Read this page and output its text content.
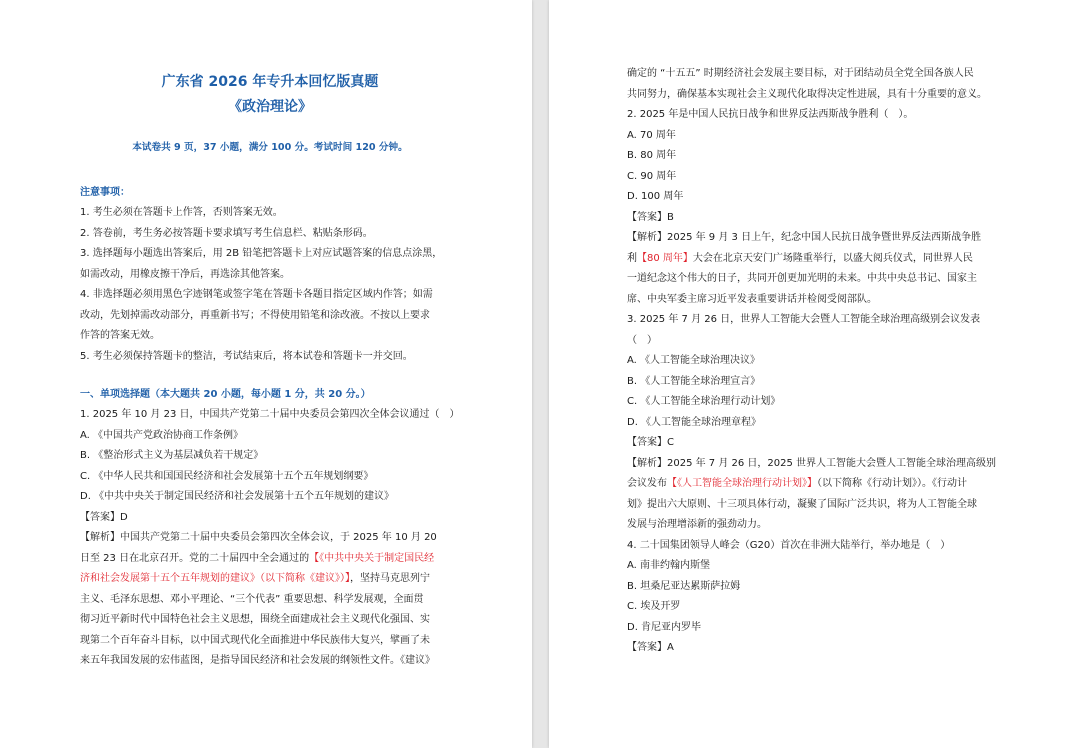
广东省 2026 年专升本回忆版真题
《政治理论》
本试卷共 9 页，37 小题，满分 100 分。考试时间 120 分钟。
注意事项：
1. 考生必须在答题卡上作答，否则答案无效。
2. 答卷前，考生务必按答题卡要求填写考生信息栏、粘贴条形码。
3. 选择题每小题选出答案后，用 2B 铅笔把答题卡上对应试题答案的信息点涂黑，
如需改动，用橡皮擦干净后，再选涂其他答案。
4. 非选择题必须用黑色字迹钢笔或签字笔在答题卡各题目指定区域内作答；如需
改动，先划掉需改动部分，再重新书写；不得使用铅笔和涂改液。不按以上要求
作答的答案无效。
5. 考生必须保持答题卡的整洁，考试结束后，将本试卷和答题卡一并交回。
一、单项选择题（本大题共 20 小题，每小题 1 分，共 20 分。）
1. 2025 年 10 月 23 日，中国共产党第二十届中央委员会第四次全体会议通过（　）
A. 《中国共产党政治协商工作条例》
B. 《整治形式主义为基层减负若干规定》
C. 《中华人民共和国国民经济和社会发展第十五个五年规划纲要》
D. 《中共中央关于制定国民经济和社会发展第十五个五年规划的建议》
【答案】D
【解析】中国共产党第二十届中央委员会第四次全体会议，于 2025 年 10 月 20
日至 23 日在北京召开。党的二十届四中全会通过的【《中共中央关于制定国民经
济和社会发展第十五个五年规划的建议》（以下简称《建议》）】，坚持马克思列宁
主义、毛泽东思想、邓小平理论、“三个代表” 重要思想、科学发展观，全面贯
彻习近平新时代中国特色社会主义思想，围绕全面建成社会主义现代化强国、实
现第二个百年奋斗目标，以中国式现代化全面推进中华民族伟大复兴，擘画了未
来五年我国发展的宏伟蓝图，是指导国民经济和社会发展的纲领性文件。《建议》
确定的 “十五五” 时期经济社会发展主要目标，对于团结动员全党全国各族人民
共同努力，确保基本实现社会主义现代化取得决定性进展，具有十分重要的意义。
2. 2025 年是中国人民抗日战争和世界反法西斯战争胜利（　）。
A. 70 周年
B. 80 周年
C. 90 周年
D. 100 周年
【答案】B
【解析】2025 年 9 月 3 日上午，纪念中国人民抗日战争暨世界反法西斯战争胜
利【80 周年】大会在北京天安门广场隆重举行，以盛大阅兵仪式，同世界人民
一道纪念这个伟大的日子，共同开创更加光明的未来。中共中央总书记、国家主
席、中央军委主席习近平发表重要讲话并检阅受阅部队。
3. 2025 年 7 月 26 日，世界人工智能大会暨人工智能全球治理高级别会议发表
（　）
A. 《人工智能全球治理决议》
B. 《人工智能全球治理宣言》
C. 《人工智能全球治理行动计划》
D. 《人工智能全球治理章程》
【答案】C
【解析】2025 年 7 月 26 日，2025 世界人工智能大会暨人工智能全球治理高级别
会议发布【《人工智能全球治理行动计划》】（以下简称《行动计划》）。《行动计
划》提出六大原则、十三项具体行动，凝聚了国际广泛共识，将为人工智能全球
发展与治理增添新的强劲动力。
4. 二十国集团领导人峰会（G20）首次在非洲大陆举行，举办地是（　）
A. 南非约翰内斯堡
B. 坦桑尼亚达累斯萨拉姆
C. 埃及开罗
D. 肯尼亚内罗毕
【答案】A
